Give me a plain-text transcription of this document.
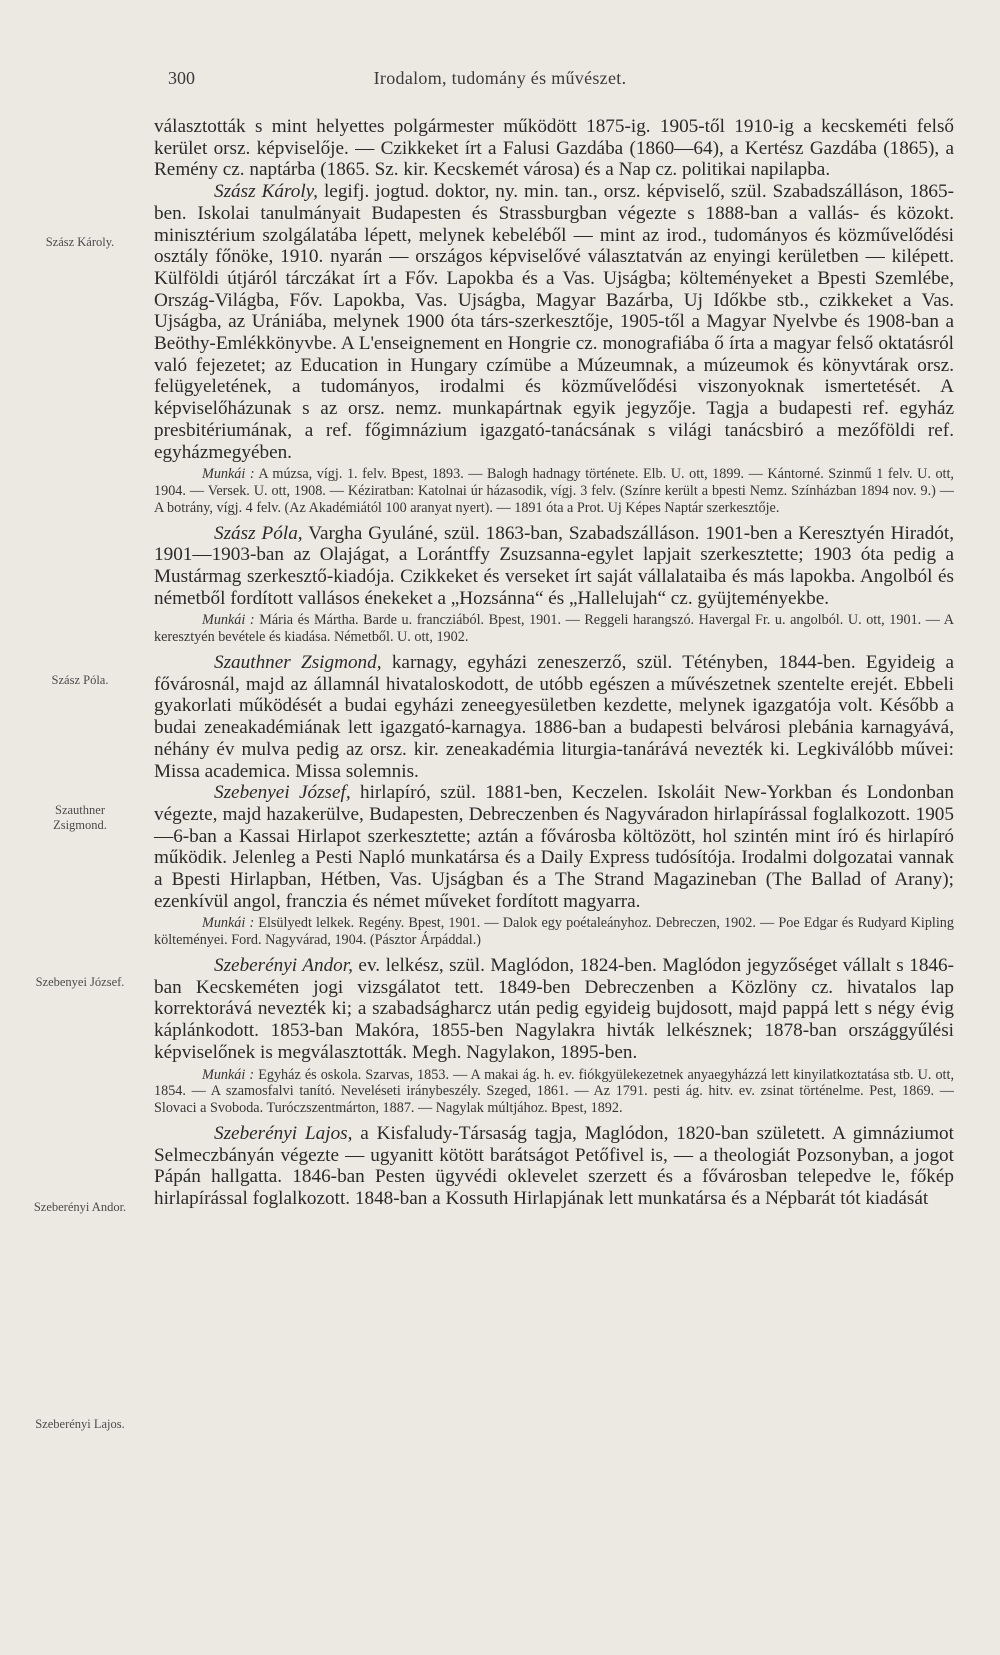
300	Irodalom, tudomány és művészet.
Szász Károly.
Szász Póla.
Szauthner Zsigmond.
Szebenyei József.
Szeberényi Andor.
Szeberényi Lajos.

választották s mint helyettes polgármester működött 1875-ig. 1905-től 1910-ig a kecskeméti felső kerület orsz. képviselője. — Czikkeket írt a Falusi Gazdába (1860—64), a Kertész Gazdába (1865), a Remény cz. naptárba (1865. Sz. kir. Kecskemét városa) és a Nap cz. politikai napilapba.

Szász Károly, legifj. jogtud. doktor, ny. min. tan., orsz. képviselő, szül. Szabadszálláson, 1865-ben. Iskolai tanulmányait Budapesten és Strassburgban végezte s 1888-ban a vallás- és közokt. minisztérium szolgálatába lépett, melynek kebeléből — mint az irod., tudományos és közművelődési osztály főnöke, 1910. nyarán — országos képviselővé választatván az enyingi kerületben — kilépett. Külföldi útjáról tárczákat írt a Főv. Lapokba és a Vas. Ujságba; költeményeket a Bpesti Szemlébe, Ország-Világba, Főv. Lapokba, Vas. Ujságba, Magyar Bazárba, Uj Időkbe stb., czikkeket a Vas. Ujságba, az Urániába, melynek 1900 óta társ-szerkesztője, 1905-től a Magyar Nyelvbe és 1908-ban a Beöthy-Emlékkönyvbe. A L'enseignement en Hongrie cz. monografiába ő írta a magyar felső oktatásról való fejezetet; az Education in Hungary czímübe a Múzeumnak, a múzeumok és könyvtárak orsz. felügyeletének, a tudományos, irodalmi és közművelődési viszonyoknak ismertetését. A képviselőházunak s az orsz. nemz. munkapártnak egyik jegyzője. Tagja a budapesti ref. egyház presbitériumának, a ref. főgimnázium igazgató-tanácsának s világi tanácsbiró a mezőföldi ref. egyházmegyében.

Munkái : A múzsa, vígj. 1. felv. Bpest, 1893. — Balogh hadnagy története. Elb. U. ott, 1899. — Kántorné. Szinmű 1 felv. U. ott, 1904. — Versek. U. ott, 1908. — Kéziratban: Katolnai úr házasodik, vígj. 3 felv. (Színre került a bpesti Nemz. Színházban 1894 nov. 9.) — A botrány, vígj. 4 felv. (Az Akadémiától 100 aranyat nyert). — 1891 óta a Prot. Uj Képes Naptár szerkesztője.

Szász Póla, Vargha Gyuláné, szül. 1863-ban, Szabadszálláson. 1901-ben a Keresztyén Hiradót, 1901—1903-ban az Olajágat, a Lorántffy Zsuzsanna-egylet lapjait szerkesztette; 1903 óta pedig a Mustármag szerkesztő-kiadója. Czikkeket és verseket írt saját vállalataiba és más lapokba. Angolból és németből fordított vallásos énekeket a „Hozsánna“ és „Hallelujah“ cz. gyüjteményekbe.

Munkái : Mária és Mártha. Barde u. francziából. Bpest, 1901. — Reggeli harangszó. Havergal Fr. u. angolból. U. ott, 1901. — A keresztyén bevétele és kiadása. Németből. U. ott, 1902.

Szauthner Zsigmond, karnagy, egyházi zeneszerző, szül. Tétényben, 1844-ben. Egyideig a fővárosnál, majd az államnál hivataloskodott, de utóbb egészen a művészetnek szentelte erejét. Ebbeli gyakorlati működését a budai egyházi zeneegyesületben kezdette, melynek igazgatója volt. Később a budai zeneakadémiának lett igazgató-karnagya. 1886-ban a budapesti belvárosi plebánia karnagyává, néhány év mulva pedig az orsz. kir. zeneakadémia liturgia-tanárává nevezték ki. Legkiválóbb művei: Missa academica. Missa solemnis.

Szebenyei József, hirlapíró, szül. 1881-ben, Keczelen. Iskoláit New-Yorkban és Londonban végezte, majd hazakerülve, Budapesten, Debreczenben és Nagyváradon hirlapírással foglalkozott. 1905—6-ban a Kassai Hirlapot szerkesztette; aztán a fővárosba költözött, hol szintén mint író és hirlapíró működik. Jelenleg a Pesti Napló munkatársa és a Daily Express tudósítója. Irodalmi dolgozatai vannak a Bpesti Hirlapban, Hétben, Vas. Ujságban és a The Strand Magazineban (The Ballad of Arany); ezenkívül angol, franczia és német műveket fordított magyarra.

Munkái : Elsülyedt lelkek. Regény. Bpest, 1901. — Dalok egy poétaleányhoz. Debreczen, 1902. — Poe Edgar és Rudyard Kipling költeményei. Ford. Nagyvárad, 1904. (Pásztor Árpáddal.)

Szeberényi Andor, ev. lelkész, szül. Maglódon, 1824-ben. Maglódon jegyzőséget vállalt s 1846-ban Kecskeméten jogi vizsgálatot tett. 1849-ben Debreczenben a Közlöny cz. hivatalos lap korrektorává nevezték ki; a szabadságharcz után pedig egyideig bujdosott, majd pappá lett s négy évig káplánkodott. 1853-ban Makóra, 1855-ben Nagylakra hivták lelkésznek; 1878-ban országgyűlési képviselőnek is megválasztották. Megh. Nagylakon, 1895-ben.

Munkái : Egyház és oskola. Szarvas, 1853. — A makai ág. h. ev. fiókgyülekezetnek anyaegyházzá lett kinyilatkoztatása stb. U. ott, 1854. — A szamosfalvi tanító. Neveléseti iránybeszély. Szeged, 1861. — Az 1791. pesti ág. hitv. ev. zsinat történelme. Pest, 1869. — Slovaci a Svoboda. Turóczszentmárton, 1887. — Nagylak múltjához. Bpest, 1892.

Szeberényi Lajos, a Kisfaludy-Társaság tagja, Maglódon, 1820-ban született. A gimnáziumot Selmeczbányán végezte — ugyanitt kötött barátságot Petőfivel is, — a theologiát Pozsonyban, a jogot Pápán hallgatta. 1846-ban Pesten ügyvédi oklevelet szerzett és a fővárosban telepedve le, főkép hirlapírással foglalkozott. 1848-ban a Kossuth Hirlapjának lett munkatársa és a Népbarát tót kiadását
